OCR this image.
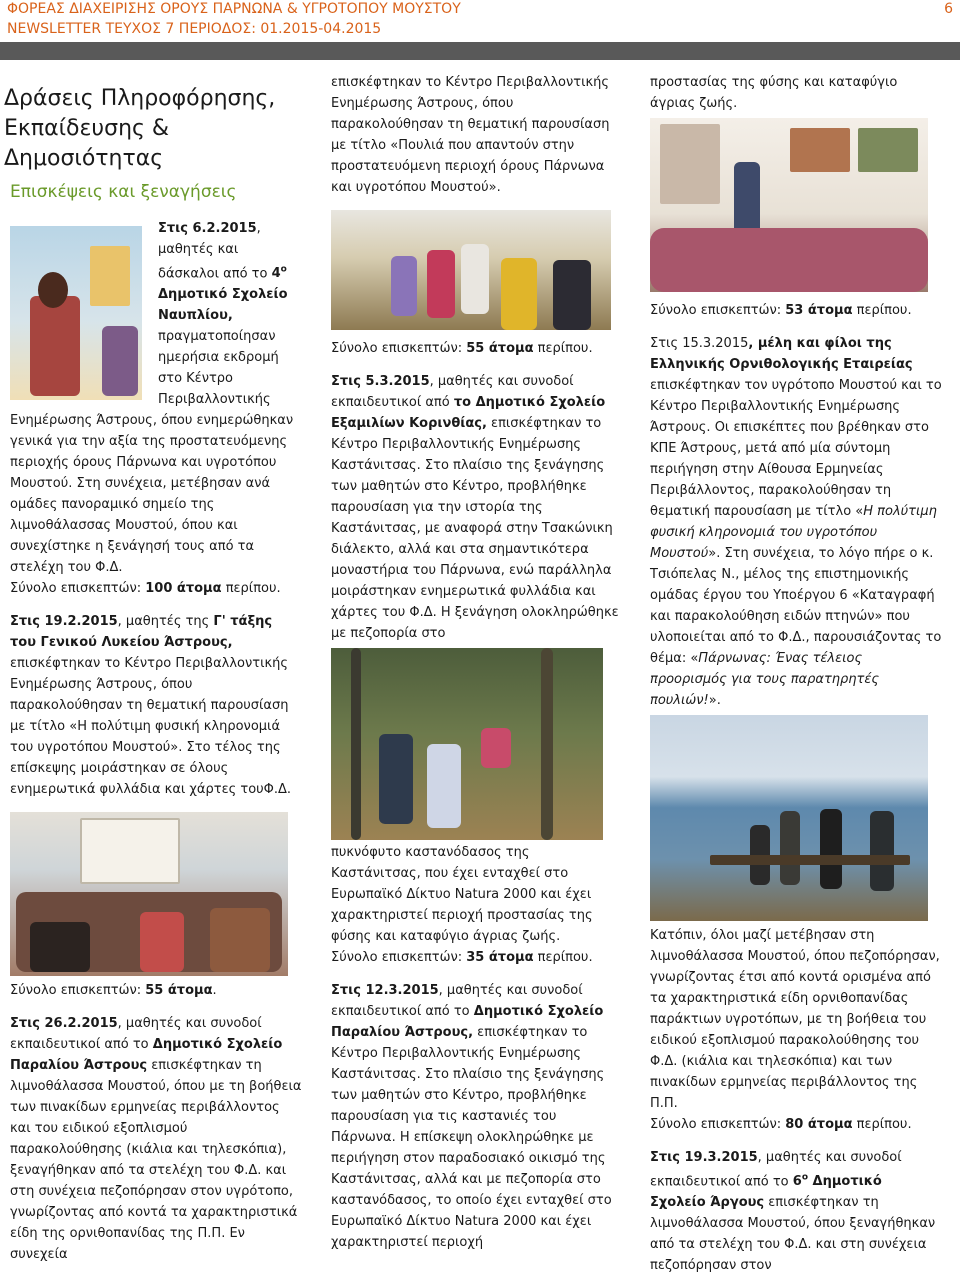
ΦΟΡΕΑΣ ΔΙΑΧΕΙΡΙΣΗΣ ΟΡΟΥΣ ΠΑΡΝΩΝΑ & ΥΓΡΟΤΟΠΟΥ ΜΟΥΣΤΟΥ
NEWSLETTER ΤΕΥΧΟΣ 7 ΠΕΡΙΟΔΟΣ: 01.2015-04.2015
6
Δράσεις Πληροφόρησης,
Εκπαίδευσης &
Δημοσιότητας
Επισκέψεις και ξεναγήσεις

Στις 6.2.2015, μαθητές και δάσκαλοι από το $4^o$ Δημοτικό Σχολείο Ναυπλίου, πραγματοποίησαν ημερήσια εκδρομή στο Κέντρο Περιβαλλοντικής Ενημέρωσης Άστρους, όπου ενημερώθηκαν γενικά για την αξία της προστατευόμενης περιοχής όρους Πάρνωνα και υγροτόπου Μουστού. Στη συνέχεια, μετέβησαν ανά ομάδες πανοραμικό σημείο της λιμνοθάλασσας Μουστού, όπου και συνεχίστηκε η ξενάγησή τους από τα στελέχη του Φ.Δ.
Σύνολο επισκεπτών: 100 άτομα περίπου.

Στις 19.2.2015, μαθητές της Γ' τάξης του Γενικού Λυκείου Άστρους, επισκέφτηκαν το Κέντρο Περιβαλλοντικής Ενημέρωσης Άστρους, όπου παρακολούθησαν τη θεματική παρουσίαση με τίτλο «Η πολύτιμη φυσική κληρονομιά του υγροτόπου Μουστού». Στο τέλος της επίσκεψης μοιράστηκαν σε όλους ενημερωτικά φυλλάδια και χάρτες τουΦ.Δ.

Σύνολο επισκεπτών: 55 άτομα.

Στις 26.2.2015, μαθητές και συνοδοί εκπαιδευτικοί από το Δημοτικό Σχολείο Παραλίου Άστρους επισκέφτηκαν τη λιμνοθάλασσα Μουστού, όπου με τη βοήθεια των πινακίδων ερμηνείας περιβάλλοντος και του ειδικού εξοπλισμού παρακολούθησης (κιάλια και τηλεσκόπια), ξεναγήθηκαν από τα στελέχη του Φ.Δ. και στη συνέχεια πεζοπόρησαν στον υγρότοπο, γνωρίζοντας από κοντά τα χαρακτηριστικά είδη της ορνιθοπανίδας της Π.Π. Εν συνεχεία

επισκέφτηκαν το Κέντρο Περιβαλλοντικής Ενημέρωσης Άστρους, όπου παρακολούθησαν τη θεματική παρουσίαση με τίτλο «Πουλιά που απαντούν στην προστατευόμενη περιοχή όρους Πάρνωνα και υγροτόπου Μουστού».

Σύνολο επισκεπτών: 55 άτομα περίπου.

Στις 5.3.2015, μαθητές και συνοδοί εκπαιδευτικοί από το Δημοτικό Σχολείο Εξαμιλίων Κορινθίας, επισκέφτηκαν το Κέντρο Περιβαλλοντικής Ενημέρωσης Καστάνιτσας. Στο πλαίσιο της ξενάγησης των μαθητών στο Κέντρο, προβλήθηκε παρουσίαση για την ιστορία της Καστάνιτσας, με αναφορά στην Τσακώνικη διάλεκτο, αλλά και στα σημαντικότερα μοναστήρια του Πάρνωνα, ενώ παράλληλα μοιράστηκαν ενημερωτικά φυλλάδια και χάρτες του Φ.Δ. Η ξενάγηση ολοκληρώθηκε με πεζοπορία στο

πυκνόφυτο καστανόδασος της Καστάνιτσας, που έχει ενταχθεί στο Ευρωπαϊκό Δίκτυο Natura 2000 και έχει χαρακτηριστεί περιοχή προστασίας της φύσης και καταφύγιο άγριας ζωής.
Σύνολο επισκεπτών: 35 άτομα περίπου.

Στις 12.3.2015, μαθητές και συνοδοί εκπαιδευτικοί από το Δημοτικό Σχολείο Παραλίου Άστρους, επισκέφτηκαν το Κέντρο Περιβαλλοντικής Ενημέρωσης Καστάνιτσας. Στο πλαίσιο της ξενάγησης των μαθητών στο Κέντρο, προβλήθηκε παρουσίαση για τις καστανιές του Πάρνωνα. Η επίσκεψη ολοκληρώθηκε με περιήγηση στον παραδοσιακό οικισμό της Καστάνιτσας, αλλά και με πεζοπορία στο καστανόδασος, το οποίο έχει ενταχθεί στο Ευρωπαϊκό Δίκτυο Natura 2000 και έχει χαρακτηριστεί περιοχή

προστασίας της φύσης και καταφύγιο άγριας ζωής.

Σύνολο επισκεπτών: 53 άτομα περίπου.

Στις 15.3.2015, μέλη και φίλοι της Ελληνικής Ορνιθολογικής Εταιρείας επισκέφτηκαν τον υγρότοπο Μουστού και το Κέντρο Περιβαλλοντικής Ενημέρωσης Άστρους. Οι επισκέπτες που βρέθηκαν στο ΚΠΕ Άστρους, μετά από μία σύντομη περιήγηση στην Αίθουσα Ερμηνείας Περιβάλλοντος, παρακολούθησαν τη θεματική παρουσίαση με τίτλο «Η πολύτιμη φυσική κληρονομιά του υγροτόπου Μουστού». Στη συνέχεια, το λόγο πήρε ο κ. Τσιόπελας Ν., μέλος της επιστημονικής ομάδας έργου του Υποέργου 6 «Καταγραφή και παρακολούθηση ειδών πτηνών» που υλοποιείται από το Φ.Δ., παρουσιάζοντας το θέμα: «Πάρνωνας: Ένας τέλειος προορισμός για τους παρατηρητές πουλιών!».

Κατόπιν, όλοι μαζί μετέβησαν στη λιμνοθάλασσα Μουστού, όπου πεζοπόρησαν, γνωρίζοντας έτσι από κοντά ορισμένα από τα χαρακτηριστικά είδη ορνιθοπανίδας παράκτιων υγροτόπων, με τη βοήθεια του ειδικού εξοπλισμού παρακολούθησης του Φ.Δ. (κιάλια και τηλεσκόπια) και των πινακίδων ερμηνείας περιβάλλοντος της Π.Π.
Σύνολο επισκεπτών: 80 άτομα περίπου.

Στις 19.3.2015, μαθητές και συνοδοί εκπαιδευτικοί από το $6^o$ Δημοτικό Σχολείο Άργους επισκέφτηκαν τη λιμνοθάλασσα Μουστού, όπου ξεναγήθηκαν από τα στελέχη του Φ.Δ. και στη συνέχεια πεζοπόρησαν στον
